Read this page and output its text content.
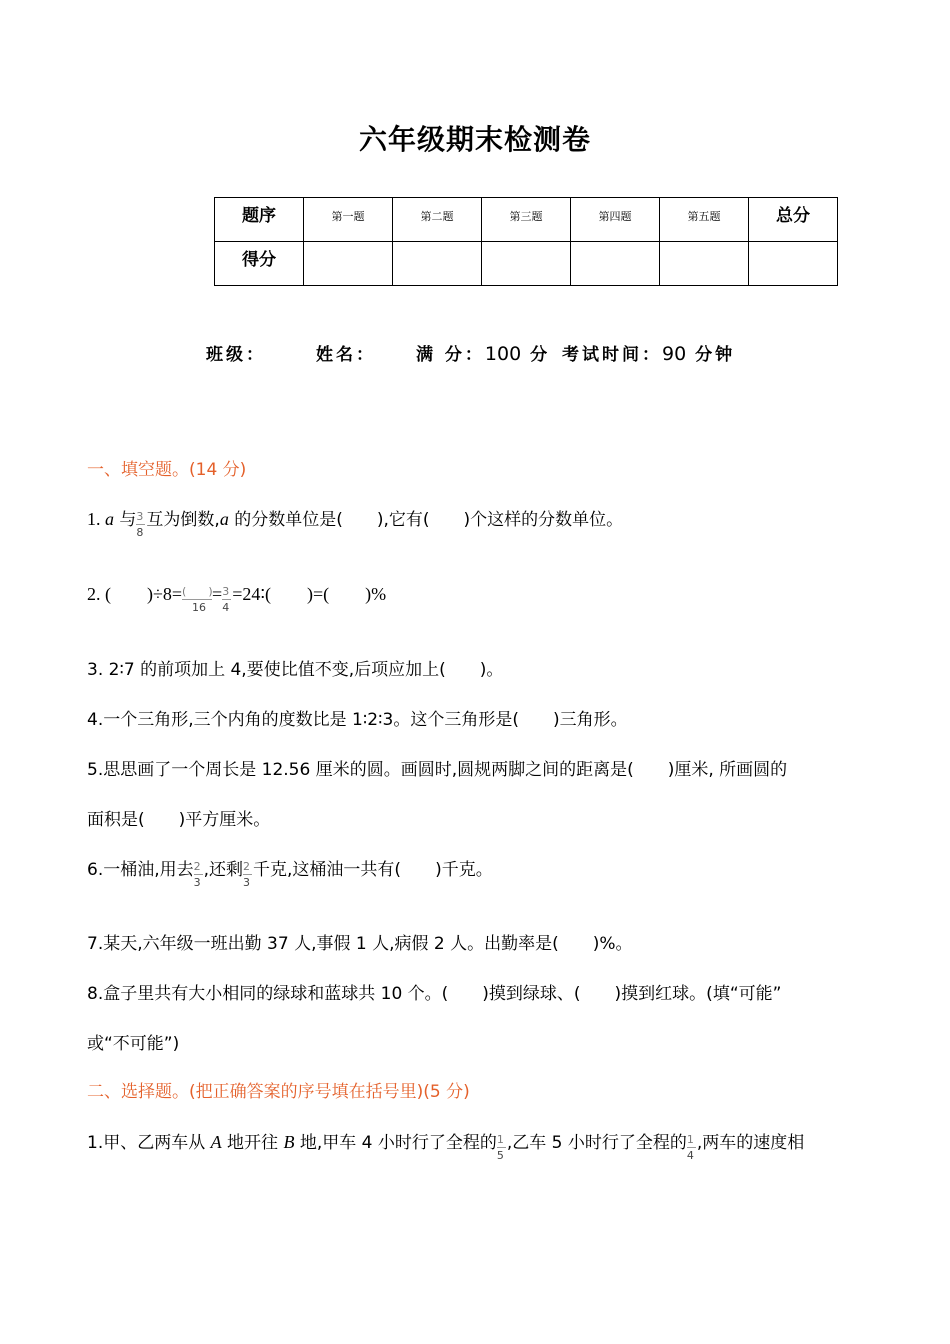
六年级期末检测卷
题序	第一题	第二题	第三题	第四题	第五题	总分
得分						
班级：	姓名： 满 分：100 分 考试时间：90 分钟
一、填空题。(14 分)
1. a 与 $\frac{3}{8}$ 互为倒数,a 的分数单位是(　　),它有(　　)个这样的分数单位。
2. (　　)$\div 8= \frac{( )}{16} = \frac{3}{4}$ =24∶(　　)=(　　)%
3. 2∶7 的前项加上 4,要使比值不变,后项应加上(　　)。
4.一个三角形,三个内角的度数比是 1∶2∶3。这个三角形是(　　)三角形。
5.思思画了一个周长是 12.56 厘米的圆。画圆时,圆规两脚之间的距离是(　　)厘米, 所画圆的
面积是(　　)平方厘米。
6.一桶油,用去 $\frac{2}{3}$ ,还剩 $\frac{2}{3}$ 千克,这桶油一共有(　　)千克。
7.某天,六年级一班出勤 37 人,事假 1 人,病假 2 人。出勤率是(　　)%。
8.盒子里共有大小相同的绿球和蓝球共 10 个。(　　)摸到绿球、(　　)摸到红球。(填“可能”
或“不可能”)
二、选择题。(把正确答案的序号填在括号里)(5 分)
1.甲、乙两车从 A 地开往 B 地,甲车 4 小时行了全程的 $\frac{1}{5}$ ,乙车 5 小时行了全程的 $\frac{1}{4}$ ,两车的速度相
